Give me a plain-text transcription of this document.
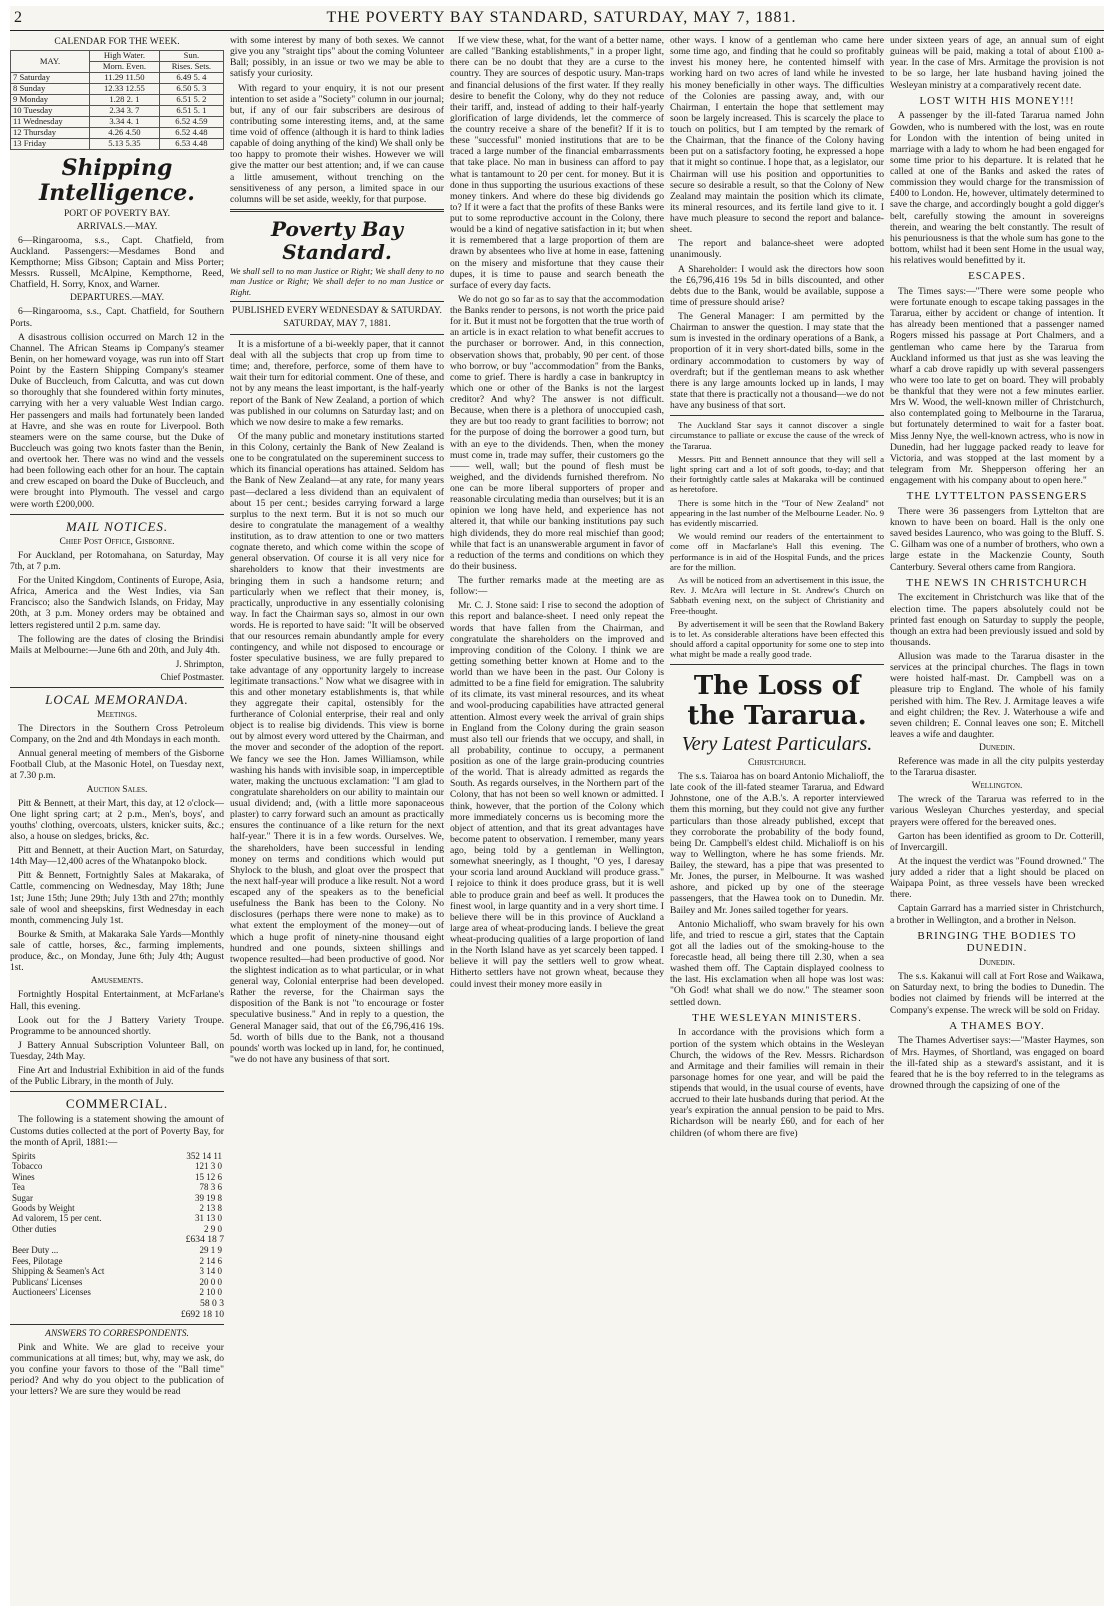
2	THE POVERTY BAY STANDARD, SATURDAY, MAY 7, 1881.
CALENDAR FOR THE WEEK.
MAY.	High Water.	Sun.
	Morn. Even.	Rises. Sets.
7 Saturday	11.29 11.50	6.49 5. 4
8 Sunday	12.33 12.55	6.50 5. 3
9 Monday	1.28 2. 1	6.51 5. 2
10 Tuesday	2.34 3. 7	6.51 5. 1
11 Wednesday	3.34 4. 1	6.52 4.59
12 Thursday	4.26 4.50	6.52 4.48
13 Friday	5.13 5.35	6.53 4.48
Shipping Intelligence.
PORT OF POVERTY BAY.
ARRIVALS.—MAY.

6—Ringarooma, s.s., Capt. Chatfield, from Auckland. Passengers:—Mesdames Bond and Kempthorne; Miss Gibson; Captain and Miss Porter; Messrs. Russell, McAlpine, Kempthorne, Reed, Chatfield, H. Sorry, Knox, and Warner.

DEPARTURES.—MAY.

6—Ringarooma, s.s., Capt. Chatfield, for Southern Ports.

A disastrous collision occurred on March 12 in the Channel. The African Steams ip Company's steamer Benin, on her homeward voyage, was run into off Start Point by the Eastern Shipping Company's steamer Duke of Buccleuch, from Calcutta, and was cut down so thoroughly that she foundered within forty minutes, carrying with her a very valuable West Indian cargo. Her passengers and mails had fortunately been landed at Havre, and she was en route for Liverpool. Both steamers were on the same course, but the Duke of Buccleuch was going two knots faster than the Benin, and overtook her. There was no wind and the vessels had been following each other for an hour. The captain and crew escaped on board the Duke of Buccleuch, and were brought into Plymouth. The vessel and cargo were worth £200,000.

MAIL NOTICES.
Chief Post Office, Gisborne.

For Auckland, per Rotomahana, on Saturday, May 7th, at 7 p.m.

For the United Kingdom, Continents of Europe, Asia, Africa, America and the West Indies, via San Francisco; also the Sandwich Islands, on Friday, May 20th, at 3 p.m. Money orders may be obtained and letters registered until 2 p.m. same day.

The following are the dates of closing the Brindisi Mails at Melbourne:—June 6th and 20th, and July 4th.

J. Shrimpton,

Chief Postmaster.

LOCAL MEMORANDA.
Meetings.

The Directors in the Southern Cross Petroleum Company, on the 2nd and 4th Mondays in each month.

Annual general meeting of members of the Gisborne Football Club, at the Masonic Hotel, on Tuesday next, at 7.30 p.m.

Auction Sales.

Pitt & Bennett, at their Mart, this day, at 12 o'clock—One light spring cart; at 2 p.m., Men's, boys', and youths' clothing, overcoats, ulsters, knicker suits, &c.; also, a house on sledges, bricks, &c.

Pitt and Bennett, at their Auction Mart, on Saturday, 14th May—12,400 acres of the Whatanpoko block.

Pitt & Bennett, Fortnightly Sales at Makaraka, of Cattle, commencing on Wednesday, May 18th; June 1st; June 15th; June 29th; July 13th and 27th; monthly sale of wool and sheepskins, first Wednesday in each month, commencing July 1st.

Bourke & Smith, at Makaraka Sale Yards—Monthly sale of cattle, horses, &c., farming implements, produce, &c., on Monday, June 6th; July 4th; August 1st.

Amusements.

Fortnightly Hospital Entertainment, at McFarlane's Hall, this evening.

Look out for the J Battery Variety Troupe. Programme to be announced shortly.

J Battery Annual Subscription Volunteer Ball, on Tuesday, 24th May.

Fine Art and Industrial Exhibition in aid of the funds of the Public Library, in the month of July.

COMMERCIAL.

The following is a statement showing the amount of Customs duties collected at the port of Poverty Bay, for the month of April, 1881:—

Spirits	352 14 11
Tobacco	121 3 0
Wines	15 12 6
Tea	78 3 6
Sugar	39 19 8
Goods by Weight	2 13 8
Ad valorem, 15 per cent.	31 13 0
Other duties	2 9 0
£634 18 7
Beer Duty ...	29 1 9
Fees, Pilotage	2 14 6
Shipping & Seamen's Act	3 14 0
Publicans' Licenses	20 0 0
Auctioneers' Licenses	2 10 0
58 0 3
£692 18 10
ANSWERS TO CORRESPONDENTS.

Pink and White. We are glad to receive your communications at all times; but, why, may we ask, do you confine your favors to those of the "Ball time" period? And why do you object to the publication of your letters? We are sure they would be read

with some interest by many of both sexes. We cannot give you any "straight tips" about the coming Volunteer Ball; possibly, in an issue or two we may be able to satisfy your curiosity.

With regard to your enquiry, it is not our present intention to set aside a "Society" column in our journal; but, if any of our fair subscribers are desirous of contributing some interesting items, and, at the same time void of offence (although it is hard to think ladies capable of doing anything of the kind) We shall only be too happy to promote their wishes. However we will give the matter our best attention; and, if we can cause a little amusement, without trenching on the sensitiveness of any person, a limited space in our columns will be set aside, weekly, for that purpose.

Poverty Bay Standard.

We shall sell to no man Justice or Right; We shall deny to no man Justice or Right; We shall defer to no man Justice or Right.

PUBLISHED EVERY WEDNESDAY & SATURDAY.
SATURDAY, MAY 7, 1881.

It is a misfortune of a bi-weekly paper, that it cannot deal with all the subjects that crop up from time to time; and, therefore, perforce, some of them have to wait their turn for editorial comment. One of these, and not by any means the least important, is the half-yearly report of the Bank of New Zealand, a portion of which was published in our columns on Saturday last; and on which we now desire to make a few remarks.

Of the many public and monetary institutions started in this Colony, certainly the Bank of New Zealand is one to be congratulated on the supereminent success to which its financial operations has attained. Seldom has the Bank of New Zealand—at any rate, for many years past—declared a less dividend than an equivalent of about 15 per cent.; besides carrying forward a large surplus to the next term. But it is not so much our desire to congratulate the management of a wealthy institution, as to draw attention to one or two matters cognate thereto, and which come within the scope of general observation. Of course it is all very nice for shareholders to know that their investments are bringing them in such a handsome return; and particularly when we reflect that their money, is, practically, unproductive in any essentially colonising way. In fact the Chairman says so, almost in our own words. He is reported to have said: "It will be observed that our resources remain abundantly ample for every contingency, and while not disposed to encourage or foster speculative business, we are fully prepared to take advantage of any opportunity largely to increase legitimate transactions." Now what we disagree with in this and other monetary establishments is, that while they aggregate their capital, ostensibly for the furtherance of Colonial enterprise, their real and only object is to realise big dividends. This view is borne out by almost every word uttered by the Chairman, and the mover and seconder of the adoption of the report. We fancy we see the Hon. James Williamson, while washing his hands with invisible soap, in imperceptible water, making the unctuous exclamation: "I am glad to congratulate shareholders on our ability to maintain our usual dividend; and, (with a little more saponaceous plaster) to carry forward such an amount as practically ensures the continuance of a like return for the next half-year." There it is in a few words. Ourselves. We, the shareholders, have been successful in lending money on terms and conditions which would put Shylock to the blush, and gloat over the prospect that the next half-year will produce a like result. Not a word escaped any of the speakers as to the beneficial usefulness the Bank has been to the Colony. No disclosures (perhaps there were none to make) as to what extent the employment of the money—out of which a huge profit of ninety-nine thousand eight hundred and one pounds, sixteen shillings and twopence resulted—had been productive of good. Nor the slightest indication as to what particular, or in what general way, Colonial enterprise had been developed. Rather the reverse, for the Chairman says the disposition of the Bank is not "to encourage or foster speculative business." And in reply to a question, the General Manager said, that out of the £6,796,416 19s. 5d. worth of bills due to the Bank, not a thousand pounds' worth was locked up in land, for, he continued, "we do not have any business of that sort.

If we view these, what, for the want of a better name, are called "Banking establishments," in a proper light, there can be no doubt that they are a curse to the country. They are sources of despotic usury. Man-traps and financial delusions of the first water. If they really desire to benefit the Colony, why do they not reduce their tariff, and, instead of adding to their half-yearly glorification of large dividends, let the commerce of the country receive a share of the benefit? If it is to these "successful" monied institutions that are to be traced a large number of the financial embarrassments that take place. No man in business can afford to pay what is tantamount to 20 per cent. for money. But it is done in thus supporting the usurious exactions of these money tinkers. And where do these big dividends go to? If it were a fact that the profits of these Banks were put to some reproductive account in the Colony, there would be a kind of negative satisfaction in it; but when it is remembered that a large proportion of them are drawn by absentees who live at home in ease, fattening on the misery and misfortune that they cause their dupes, it is time to pause and search beneath the surface of every day facts.

We do not go so far as to say that the accommodation the Banks render to persons, is not worth the price paid for it. But it must not be forgotten that the true worth of an article is in exact relation to what benefit accrues to the purchaser or borrower. And, in this connection, observation shows that, probably, 90 per cent. of those who borrow, or buy "accommodation" from the Banks, come to grief. There is hardly a case in bankruptcy in which one or other of the Banks is not the largest creditor? And why? The answer is not difficult. Because, when there is a plethora of unoccupied cash, they are but too ready to grant facilities to borrow; not for the purpose of doing the borrower a good turn, but with an eye to the dividends. Then, when the money must come in, trade may suffer, their customers go the —— well, wall; but the pound of flesh must be weighed, and the dividends furnished therefrom. No one can be more liberal supporters of proper and reasonable circulating media than ourselves; but it is an opinion we long have held, and experience has not altered it, that while our banking institutions pay such high dividends, they do more real mischief than good; while that fact is an unanswerable argument in favor of a reduction of the terms and conditions on which they do their business.

The further remarks made at the meeting are as follow:—

Mr. C. J. Stone said: I rise to second the adoption of this report and balance-sheet. I need only repeat the words that have fallen from the Chairman, and congratulate the shareholders on the improved and improving condition of the Colony. I think we are getting something better known at Home and to the world than we have been in the past. Our Colony is admitted to be a fine field for emigration. The salubrity of its climate, its vast mineral resources, and its wheat and wool-producing capabilities have attracted general attention. Almost every week the arrival of grain ships in England from the Colony during the grain season must also tell our friends that we occupy, and shall, in all probability, continue to occupy, a permanent position as one of the large grain-producing countries of the world. That is already admitted as regards the South. As regards ourselves, in the Northern part of the Colony, that has not been so well known or admitted. I think, however, that the portion of the Colony which more immediately concerns us is becoming more the object of attention, and that its great advantages have become patent to observation. I remember, many years ago, being told by a gentleman in Wellington, somewhat sneeringly, as I thought, "O yes, I daresay your scoria land around Auckland will produce grass." I rejoice to think it does produce grass, but it is well able to produce grain and beef as well. It produces the finest wool, in large quantity and in a very short time. I believe there will be in this province of Auckland a large area of wheat-producing lands. I believe the great wheat-producing qualities of a large proportion of land in the North Island have as yet scarcely been tapped. I believe it will pay the settlers well to grow wheat. Hitherto settlers have not grown wheat, because they could invest their money more easily in

other ways. I know of a gentleman who came here some time ago, and finding that he could so profitably invest his money here, he contented himself with working hard on two acres of land while he invested his money beneficially in other ways. The difficulties of the Colonies are passing away, and, with our Chairman, I entertain the hope that settlement may soon be largely increased. This is scarcely the place to touch on politics, but I am tempted by the remark of the Chairman, that the finance of the Colony having been put on a satisfactory footing, he expressed a hope that it might so continue. I hope that, as a legislator, our Chairman will use his position and opportunities to secure so desirable a result, so that the Colony of New Zealand may maintain the position which its climate, its mineral resources, and its fertile land give to it. I have much pleasure to second the report and balance-sheet.

The report and balance-sheet were adopted unanimously.

A Shareholder: I would ask the directors how soon the £6,796,416 19s 5d in bills discounted, and other debts due to the Bank, would be available, suppose a time of pressure should arise?

The General Manager: I am permitted by the Chairman to answer the question. I may state that the sum is invested in the ordinary operations of a Bank, a proportion of it in very short-dated bills, some in the ordinary accommodation to customers by way of overdraft; but if the gentleman means to ask whether there is any large amounts locked up in lands, I may state that there is practically not a thousand—we do not have any business of that sort.

The Auckland Star says it cannot discover a single circumstance to palliate or excuse the cause of the wreck of the Tararua.

Messrs. Pitt and Bennett announce that they will sell a light spring cart and a lot of soft goods, to-day; and that their fortnightly cattle sales at Makaraka will be continued as heretofore.

There is some hitch in the "Tour of New Zealand" not appearing in the last number of the Melbourne Leader. No. 9 has evidently miscarried.

We would remind our readers of the entertainment to come off in Macfarlane's Hall this evening. The performance is in aid of the Hospital Funds, and the prices are for the million.

As will be noticed from an advertisement in this issue, the Rev. J. McAra will lecture in St. Andrew's Church on Sabbath evening next, on the subject of Christianity and Free-thought.

By advertisement it will be seen that the Rowland Bakery is to let. As considerable alterations have been effected this should afford a capital opportunity for some one to step into what might be made a really good trade.

The Loss of the Tararua.
Very Latest Particulars.
Christchurch.

The s.s. Taiaroa has on board Antonio Michalioff, the late cook of the ill-fated steamer Tararua, and Edward Johnstone, one of the A.B.'s. A reporter interviewed them this morning, but they could not give any further particulars than those already published, except that they corroborate the probability of the body found, being Dr. Campbell's eldest child. Michalioff is on his way to Wellington, where he has some friends. Mr. Bailey, the steward, has a pipe that was presented to Mr. Jones, the purser, in Melbourne. It was washed ashore, and picked up by one of the steerage passengers, that the Hawea took on to Dunedin. Mr. Bailey and Mr. Jones sailed together for years.

Antonio Michalioff, who swam bravely for his own life, and tried to rescue a girl, states that the Captain got all the ladies out of the smoking-house to the forecastle head, all being there till 2.30, when a sea washed them off. The Captain displayed coolness to the last. His exclamation when all hope was lost was: "Oh God! what shall we do now." The steamer soon settled down.

THE WESLEYAN MINISTERS.

In accordance with the provisions which form a portion of the system which obtains in the Wesleyan Church, the widows of the Rev. Messrs. Richardson and Armitage and their families will remain in their parsonage homes for one year, and will be paid the stipends that would, in the usual course of events, have accrued to their late husbands during that period. At the year's expiration the annual pension to be paid to Mrs. Richardson will be nearly £60, and for each of her children (of whom there are five)

under sixteen years of age, an annual sum of eight guineas will be paid, making a total of about £100 a-year. In the case of Mrs. Armitage the provision is not to be so large, her late husband having joined the Wesleyan ministry at a comparatively recent date.

LOST WITH HIS MONEY!!!

A passenger by the ill-fated Tararua named John Gowden, who is numbered with the lost, was en route for London with the intention of being united in marriage with a lady to whom he had been engaged for some time prior to his departure. It is related that he called at one of the Banks and asked the rates of commission they would charge for the transmission of £400 to London. He, however, ultimately determined to save the charge, and accordingly bought a gold digger's belt, carefully stowing the amount in sovereigns therein, and wearing the belt constantly. The result of his penuriousness is that the whole sum has gone to the bottom, whilst had it been sent Home in the usual way, his relatives would benefitted by it.

ESCAPES.

The Times says:—"There were some people who were fortunate enough to escape taking passages in the Tararua, either by accident or change of intention. It has already been mentioned that a passenger named Rogers missed his passage at Port Chalmers, and a gentleman who came here by the Tararua from Auckland informed us that just as she was leaving the wharf a cab drove rapidly up with several passengers who were too late to get on board. They will probably be thankful that they were not a few minutes earlier. Mrs W. Wood, the well-known miller of Christchurch, also contemplated going to Melbourne in the Tararua, but fortunately determined to wait for a faster boat. Miss Jenny Nye, the well-known actress, who is now in Dunedin, had her luggage packed ready to leave for Victoria, and was stopped at the last moment by a telegram from Mr. Shepperson offering her an engagement with his company about to open here."

THE LYTTELTON PASSENGERS

There were 36 passengers from Lyttelton that are known to have been on board. Hall is the only one saved besides Laurenco, who was going to the Bluff. S. C. Gilham was one of a number of brothers, who own a large estate in the Mackenzie County, South Canterbury. Several others came from Rangiora.

THE NEWS IN CHRISTCHURCH

The excitement in Christchurch was like that of the election time. The papers absolutely could not be printed fast enough on Saturday to supply the people, though an extra had been previously issued and sold by thousands.

Allusion was made to the Tararua disaster in the services at the principal churches. The flags in town were hoisted half-mast. Dr. Campbell was on a pleasure trip to England. The whole of his family perished with him. The Rev. J. Armitage leaves a wife and eight children; the Rev. J. Waterhouse a wife and seven children; E. Connal leaves one son; E. Mitchell leaves a wife and daughter.

Dunedin.

Reference was made in all the city pulpits yesterday to the Tararua disaster.

Wellington.

The wreck of the Tararua was referred to in the various Wesleyan Churches yesterday, and special prayers were offered for the bereaved ones.

Garton has been identified as groom to Dr. Cotterill, of Invercargill.

At the inquest the verdict was "Found drowned." The jury added a rider that a light should be placed on Waipapa Point, as three vessels have been wrecked there.

Captain Garrard has a married sister in Christchurch, a brother in Wellington, and a brother in Nelson.

BRINGING THE BODIES TO DUNEDIN.
Dunedin.

The s.s. Kakanui will call at Fort Rose and Waikawa, on Saturday next, to bring the bodies to Dunedin. The bodies not claimed by friends will be interred at the Company's expense. The wreck will be sold on Friday.

A THAMES BOY.

The Thames Advertiser says:—"Master Haymes, son of Mrs. Haymes, of Shortland, was engaged on board the ill-fated ship as a steward's assistant, and it is feared that he is the boy referred to in the telegrams as drowned through the capsizing of one of the
